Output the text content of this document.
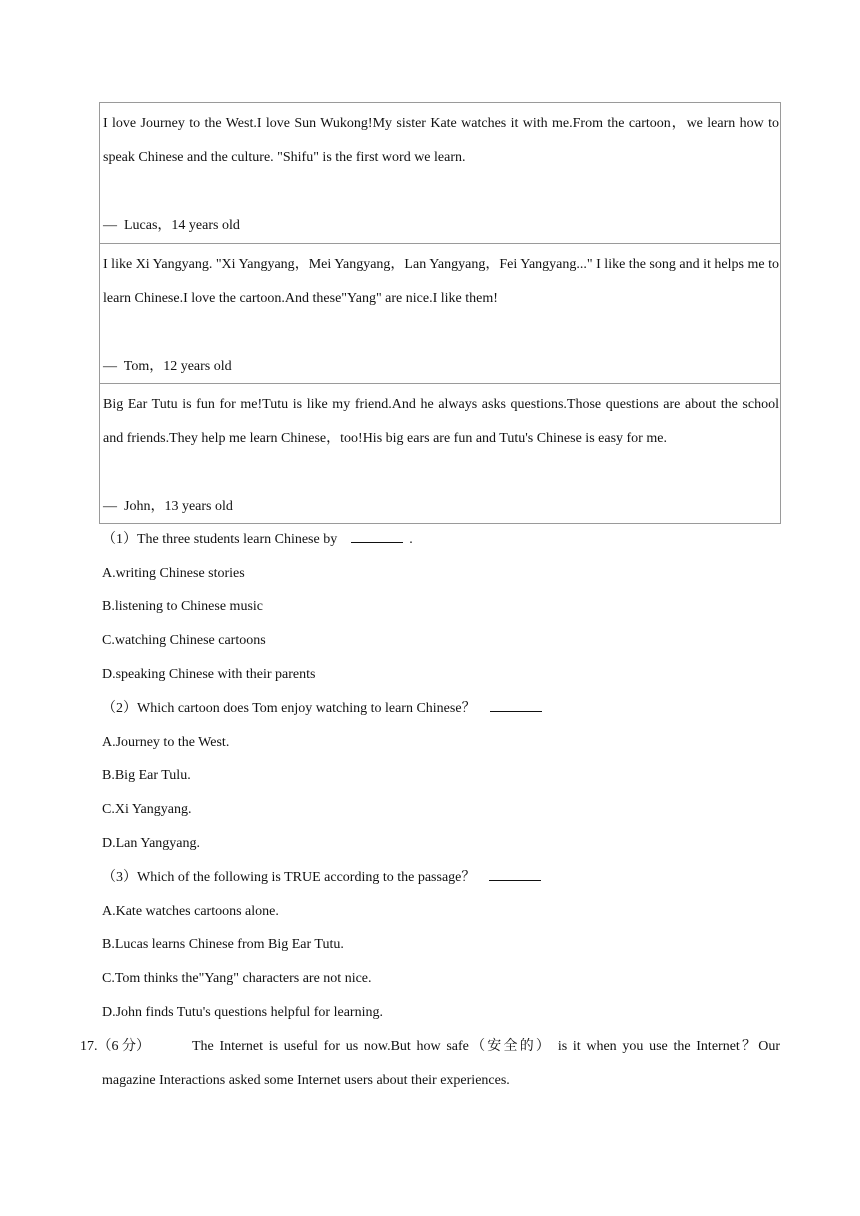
I love Journey to the West.I love Sun Wukong!My sister Kate watches it with me.From the cartoon，we learn how to speak Chinese and the culture. "Shifu" is the first word we learn.

—  Lucas，14 years old

I like Xi Yangyang. "Xi Yangyang，Mei Yangyang，Lan Yangyang，Fei Yangyang..." I like the song and it helps me to learn Chinese.I love the cartoon.And these"Yang" are nice.I like them!

—  Tom，12 years old

Big Ear Tutu is fun for me!Tutu is like my friend.And he always asks questions.Those questions are about the school and friends.They help me learn Chinese，too!His big ears are fun and Tutu's Chinese is easy for me.

—  John，13 years old

（1）The three students learn Chinese by	.

A.writing Chinese stories

B.listening to Chinese music

C.watching Chinese cartoons

D.speaking Chinese with their parents

（2）Which cartoon does Tom enjoy watching to learn Chinese？

A.Journey to the West.

B.Big Ear Tulu.

C.Xi Yangyang.

D.Lan Yangyang.

（3）Which of the following is TRUE according to the passage？

A.Kate watches cartoons alone.

B.Lucas learns Chinese from Big Ear Tutu.

C.Tom thinks the"Yang" characters are not nice.

D.John finds Tutu's questions helpful for learning.

17.（6 分）	The Internet is useful for us now.But how safe（安全的） is it when you use the Internet？Our
magazine Interactions asked some Internet users about their experiences.
